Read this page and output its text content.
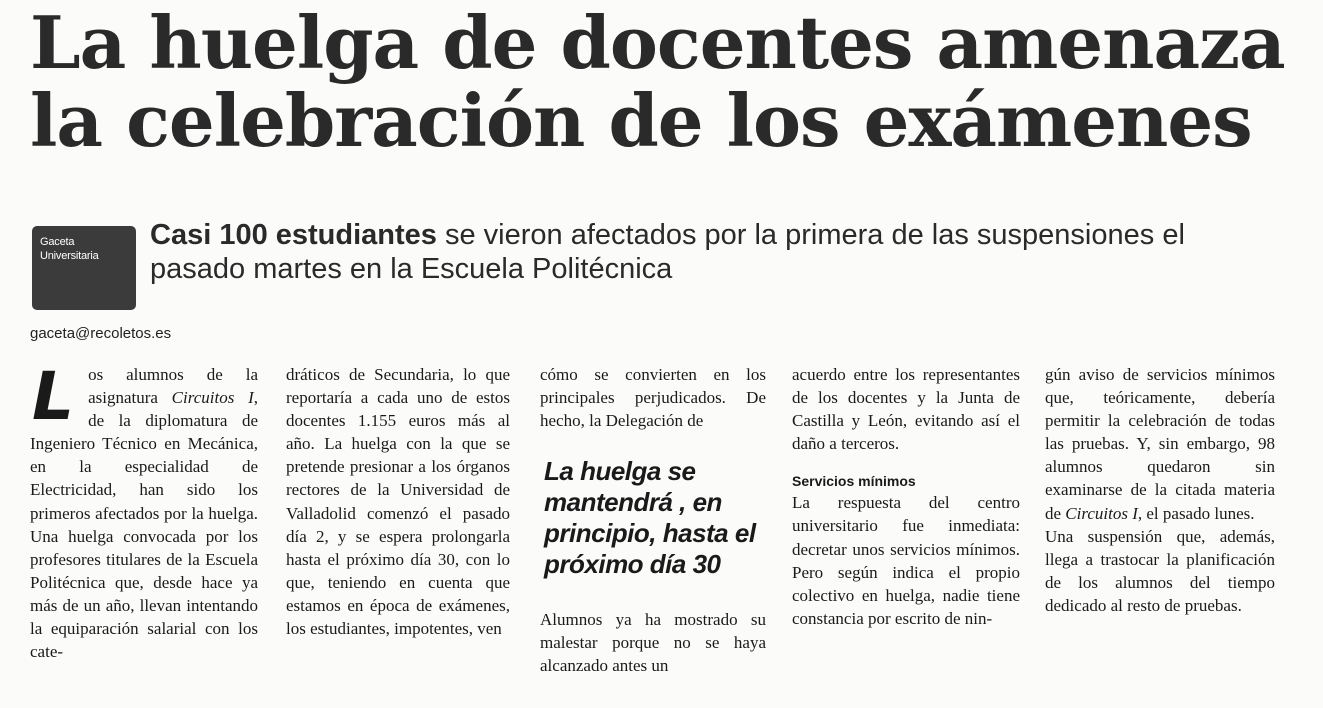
La huelga de docentes amenaza
la celebración de los exámenes
Gaceta
Universitaria

Casi 100 estudiantes se vieron afectados por la primera de las suspensiones el pasado martes en la Escuela Politécnica

gaceta@recoletos.es

Los alumnos de la asignatura Circuitos I, de la diplomatura de Ingeniero Técnico en Mecánica, en la especialidad de Electricidad, han sido los primeros afectados por la huelga. Una huelga convocada por los profesores titulares de la Escuela Politécnica que, desde hace ya más de un año, llevan intentando la equiparación salarial con los cate-

dráticos de Secundaria, lo que reportaría a cada uno de estos docentes 1.155 euros más al año. La huelga con la que se pretende presionar a los órganos rectores de la Universidad de Valladolid comenzó el pasado día 2, y se espera prolongarla hasta el próximo día 30, con lo que, teniendo en cuenta que estamos en época de exámenes, los estudiantes, impotentes, ven

cómo se convierten en los principales perjudicados. De hecho, la Delegación de

La huelga se mantendrá , en principio, hasta el próximo día 30

Alumnos ya ha mostrado su malestar porque no se haya alcanzado antes un

acuerdo entre los representantes de los docentes y la Junta de Castilla y León, evitando así el daño a terceros.

Servicios mínimos

La respuesta del centro universitario fue inmediata: decretar unos servicios mínimos. Pero según indica el propio colectivo en huelga, nadie tiene constancia por escrito de nin-

gún aviso de servicios mínimos que, teóricamente, debería permitir la celebración de todas las pruebas. Y, sin embargo, 98 alumnos quedaron sin examinarse de la citada materia de Circuitos I, el pasado lunes.

Una suspensión que, además, llega a trastocar la planificación de los alumnos del tiempo dedicado al resto de pruebas.
